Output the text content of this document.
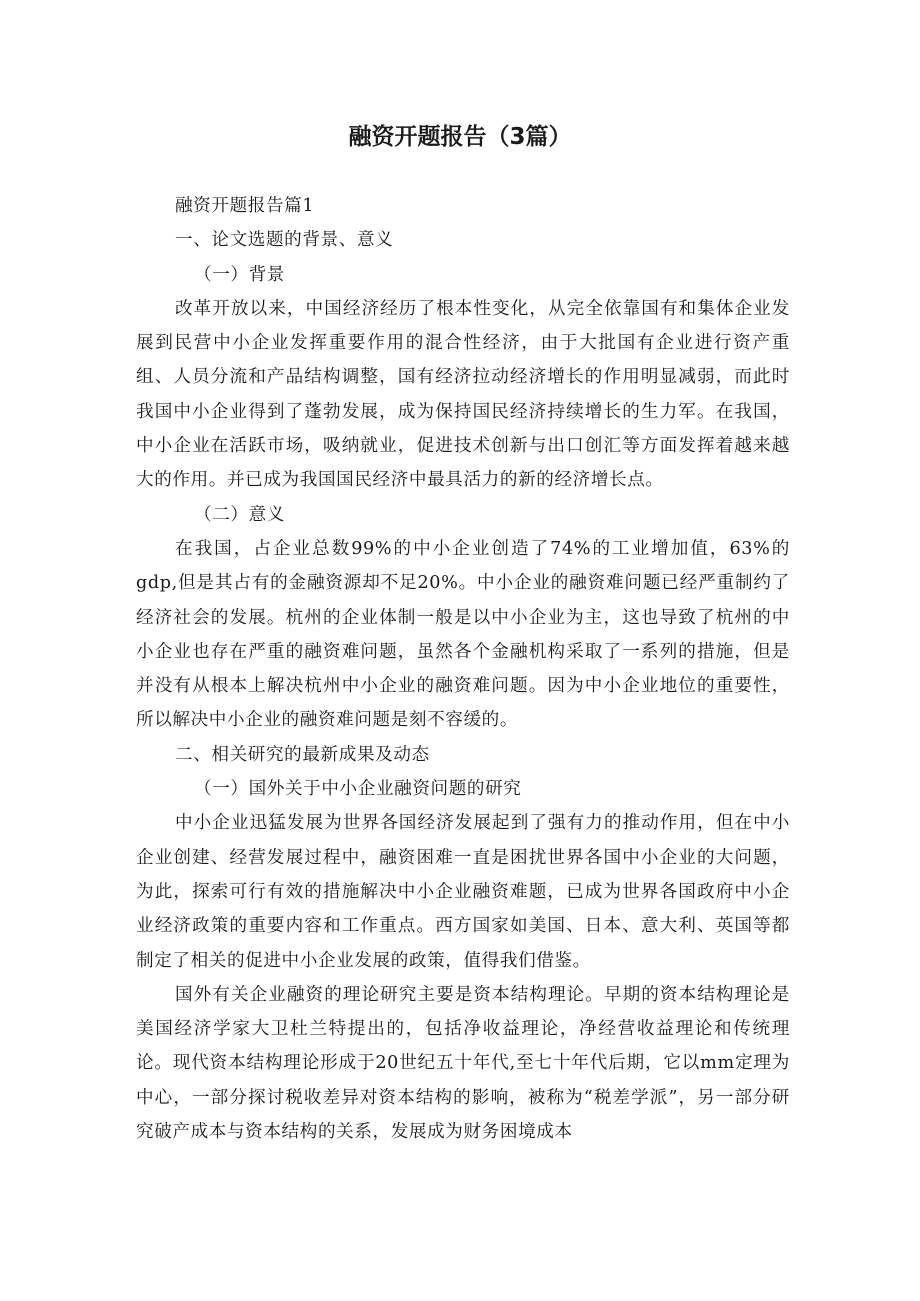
融资开题报告（3篇）

融资开题报告篇1

一、论文选题的背景、意义

（一）背景

改革开放以来，中国经济经历了根本性变化，从完全依靠国有和集体企业发展到民营中小企业发挥重要作用的混合性经济，由于大批国有企业进行资产重组、人员分流和产品结构调整，国有经济拉动经济增长的作用明显减弱，而此时我国中小企业得到了蓬勃发展，成为保持国民经济持续增长的生力军。在我国，中小企业在活跃市场，吸纳就业，促进技术创新与出口创汇等方面发挥着越来越大的作用。并已成为我国国民经济中最具活力的新的经济增长点。

（二）意义

在我国，占企业总数99%的中小企业创造了74%的工业增加值，63%的gdp,但是其占有的金融资源却不足20%。中小企业的融资难问题已经严重制约了经济社会的发展。杭州的企业体制一般是以中小企业为主，这也导致了杭州的中小企业也存在严重的融资难问题，虽然各个金融机构采取了一系列的措施，但是并没有从根本上解决杭州中小企业的融资难问题。因为中小企业地位的重要性，所以解决中小企业的融资难问题是刻不容缓的。

二、相关研究的最新成果及动态

（一）国外关于中小企业融资问题的研究

中小企业迅猛发展为世界各国经济发展起到了强有力的推动作用，但在中小企业创建、经营发展过程中，融资困难一直是困扰世界各国中小企业的大问题，为此，探索可行有效的措施解决中小企业融资难题，已成为世界各国政府中小企业经济政策的重要内容和工作重点。西方国家如美国、日本、意大利、英国等都制定了相关的促进中小企业发展的政策，值得我们借鉴。

国外有关企业融资的理论研究主要是资本结构理论。早期的资本结构理论是美国经济学家大卫杜兰特提出的，包括净收益理论，净经营收益理论和传统理论。现代资本结构理论形成于20世纪五十年代,至七十年代后期，它以mm定理为中心，一部分探讨税收差异对资本结构的影响，被称为“税差学派”，另一部分研究破产成本与资本结构的关系，发展成为财务困境成本
